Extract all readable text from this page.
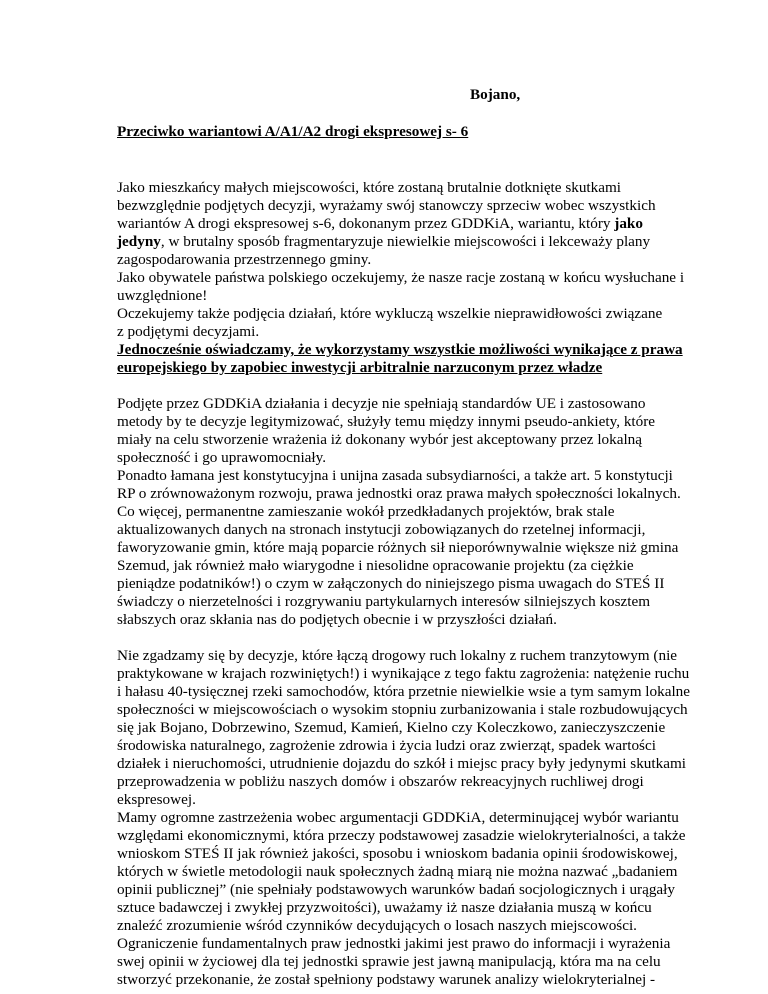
Bojano,
Przeciwko wariantowi A/A1/A2 drogi ekspresowej s- 6
Jako mieszkańcy małych miejscowości, które zostaną brutalnie dotknięte skutkami
bezwzględnie podjętych decyzji, wyrażamy swój stanowczy sprzeciw wobec wszystkich
wariantów A drogi ekspresowej s-6, dokonanym przez GDDKiA, wariantu, który jako
jedyny, w brutalny sposób fragmentaryzuje niewielkie miejscowości i lekceważy plany
zagospodarowania przestrzennego gminy.
Jako obywatele państwa polskiego oczekujemy, że nasze racje zostaną w końcu wysłuchane i
uwzględnione!
Oczekujemy także podjęcia działań, które wykluczą wszelkie nieprawidłowości związane
z podjętymi decyzjami.
Jednocześnie oświadczamy, że wykorzystamy wszystkie możliwości wynikające z prawa
europejskiego by zapobiec inwestycji arbitralnie narzuconym przez władze
Podjęte przez GDDKiA działania i decyzje nie spełniają standardów UE i zastosowano
metody by te decyzje legitymizować, służyły temu między innymi pseudo-ankiety, które
miały na celu stworzenie wrażenia iż dokonany wybór jest akceptowany przez lokalną
społeczność i go uprawomocniały.
Ponadto łamana jest konstytucyjna i unijna zasada subsydiarności, a także art. 5 konstytucji
RP o zrównoważonym rozwoju, prawa jednostki oraz prawa małych społeczności lokalnych.
Co więcej, permanentne zamieszanie wokół przedkładanych projektów, brak stale
aktualizowanych danych na stronach instytucji zobowiązanych do rzetelnej informacji,
faworyzowanie gmin, które mają poparcie różnych sił nieporównywalnie większe niż gmina
Szemud, jak również mało wiarygodne i niesolidne opracowanie projektu (za ciężkie
pieniądze podatników!) o czym w załączonych do niniejszego pisma uwagach do STEŚ II
świadczy o nierzetelności i rozgrywaniu partykularnych interesów silniejszych kosztem
słabszych oraz skłania nas do podjętych obecnie i w przyszłości działań.
Nie zgadzamy się by decyzje, które łączą drogowy ruch lokalny z ruchem tranzytowym (nie
praktykowane w krajach rozwiniętych!) i wynikające z tego faktu zagrożenia: natężenie ruchu
i hałasu 40-tysięcznej rzeki samochodów, która przetnie niewielkie wsie a tym samym lokalne
społeczności w miejscowościach o wysokim stopniu zurbanizowania i stale rozbudowujących
się jak Bojano, Dobrzewino, Szemud, Kamień, Kielno czy Koleczkowo, zanieczyszczenie
środowiska naturalnego, zagrożenie zdrowia i życia ludzi oraz zwierząt, spadek wartości
działek i nieruchomości, utrudnienie dojazdu do szkół i miejsc pracy były jedynymi skutkami
przeprowadzenia w pobliżu naszych domów i obszarów rekreacyjnych ruchliwej drogi
ekspresowej.
Mamy ogromne zastrzeżenia wobec argumentacji GDDKiA, determinującej wybór wariantu
względami ekonomicznymi, która przeczy podstawowej zasadzie wielokryterialności, a także
wnioskom STEŚ II jak również jakości, sposobu i wnioskom badania opinii środowiskowej,
których w świetle metodologii nauk społecznych żadną miarą nie można nazwać „badaniem
opinii publicznej” (nie spełniały podstawowych warunków badań socjologicznych i urągały
sztuce badawczej i zwykłej przyzwoitości), uważamy iż nasze działania muszą w końcu
znaleźć zrozumienie wśród czynników decydujących o losach naszych miejscowości.
Ograniczenie fundamentalnych praw jednostki jakimi jest prawo do informacji i wyrażenia
swej opinii w życiowej dla tej jednostki sprawie jest jawną manipulacją, która ma na celu
stworzyć przekonanie, że został spełniony podstawy warunek analizy wielokryterialnej -
